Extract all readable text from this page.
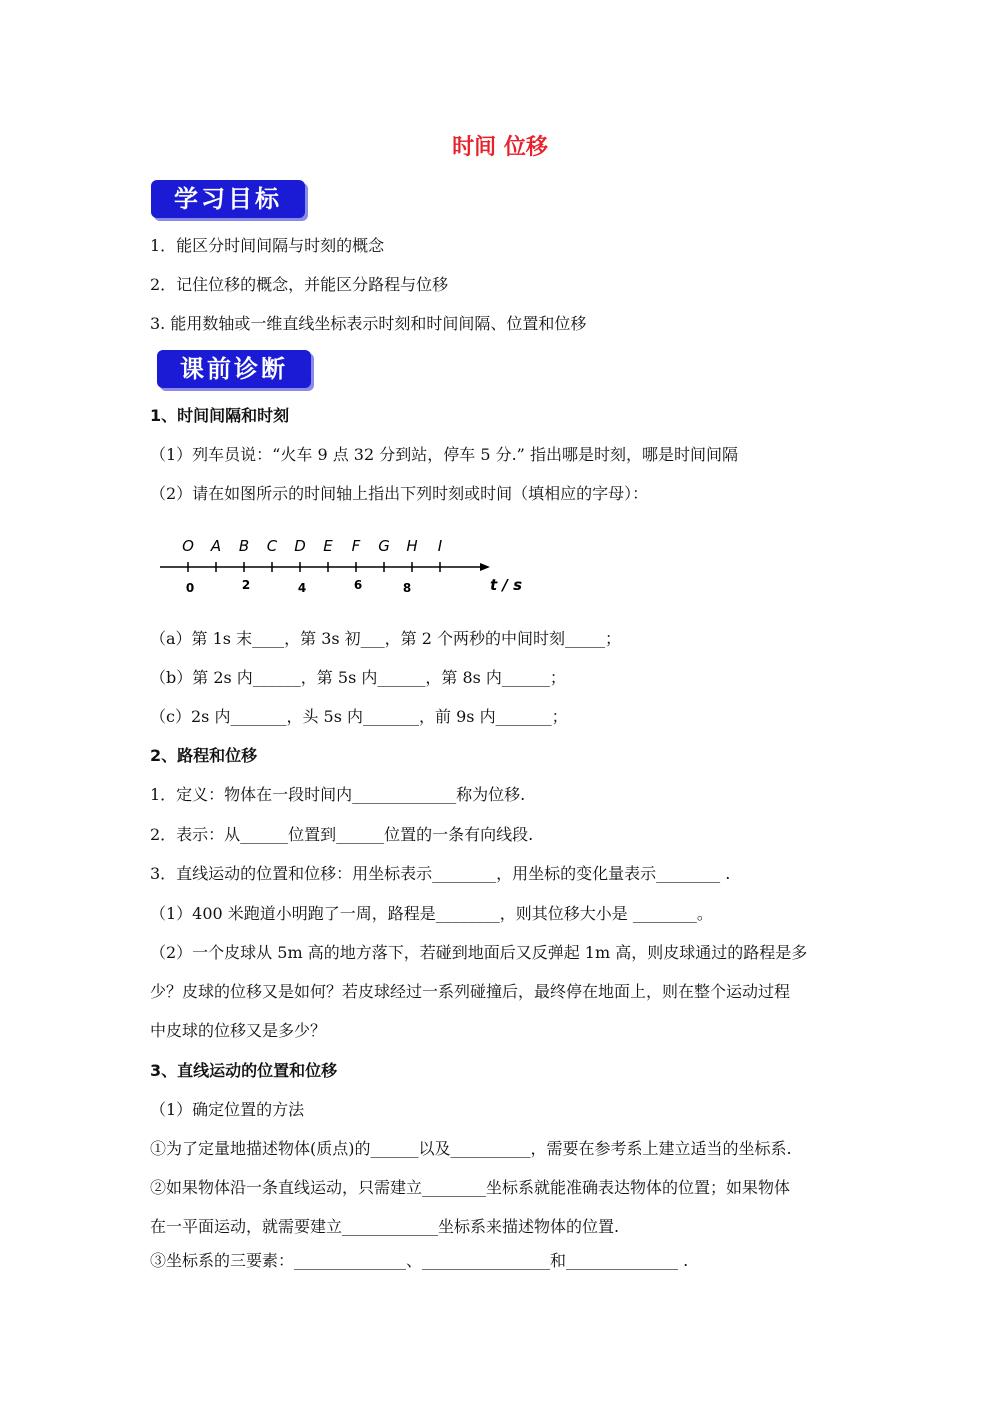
时间 位移
学习目标
1．能区分时间间隔与时刻的概念
2．记住位移的概念，并能区分路程与位移
3. 能用数轴或一维直线坐标表示时刻和时间间隔、位置和位移
课前诊断
1、时间间隔和时刻
（1）列车员说：“火车 9 点 32 分到站，停车 5 分.” 指出哪是时刻，哪是时间间隔
（2）请在如图所示的时间轴上指出下列时刻或时间（填相应的字母）：
O A B C D E F G H I
0	2	4	6	8	t / s
（a）第 1s 末____，第 3s 初___，第 2 个两秒的中间时刻_____；
（b）第 2s 内______，第 5s 内______，第 8s 内______；
（c）2s 内_______，头 5s 内_______，前 9s 内_______；
2、路程和位移
1．定义：物体在一段时间内_____________称为位移.
2．表示：从______位置到______位置的一条有向线段.
3．直线运动的位置和位移：用坐标表示________，用坐标的变化量表示________ .
（1）400 米跑道小明跑了一周，路程是________，则其位移大小是 ________。
（2）一个皮球从 5m 高的地方落下，若碰到地面后又反弹起 1m 高，则皮球通过的路程是多
少？皮球的位移又是如何？若皮球经过一系列碰撞后，最终停在地面上，则在整个运动过程
中皮球的位移又是多少？
3、直线运动的位置和位移
（1）确定位置的方法
①为了定量地描述物体(质点)的______以及__________，需要在参考系上建立适当的坐标系.
②如果物体沿一条直线运动，只需建立________坐标系就能准确表达物体的位置；如果物体
在一平面运动，就需要建立____________坐标系来描述物体的位置.
③坐标系的三要素：______________、________________和______________ .
